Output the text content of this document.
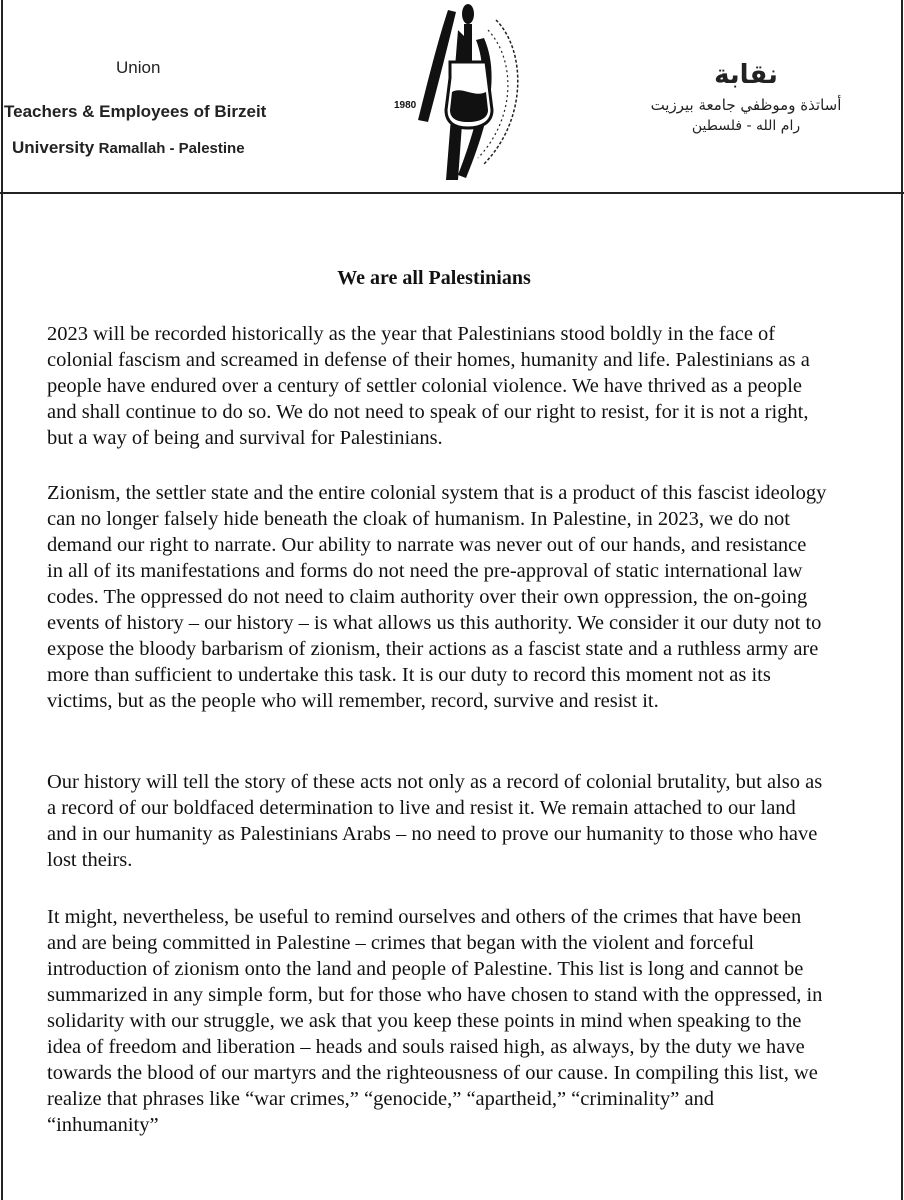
Union
Teachers & Employees of Birzeit
University Ramallah - Palestine
1980
نقابة
أساتذة وموظفي جامعة بيرزيت
رام الله - فلسطين
We are all Palestinians

2023 will be recorded historically as the year that Palestinians stood boldly in the face of colonial fascism and screamed in defense of their homes, humanity and life. Palestinians as a people have endured over a century of settler colonial violence. We have thrived as a people and shall continue to do so. We do not need to speak of our right to resist, for it is not a right, but a way of being and survival for Palestinians.

Zionism, the settler state and the entire colonial system that is a product of this fascist ideology can no longer falsely hide beneath the cloak of humanism. In Palestine, in 2023, we do not demand our right to narrate. Our ability to narrate was never out of our hands, and resistance in all of its manifestations and forms do not need the pre-approval of static international law codes. The oppressed do not need to claim authority over their own oppression, the on-going events of history – our history – is what allows us this authority. We consider it our duty not to expose the bloody barbarism of zionism, their actions as a fascist state and a ruthless army are more than sufficient to undertake this task. It is our duty to record this moment not as its victims, but as the people who will remember, record, survive and resist it.

Our history will tell the story of these acts not only as a record of colonial brutality, but also as a record of our boldfaced determination to live and resist it. We remain attached to our land and in our humanity as Palestinians Arabs – no need to prove our humanity to those who have lost theirs.

It might, nevertheless, be useful to remind ourselves and others of the crimes that have been and are being committed in Palestine – crimes that began with the violent and forceful introduction of zionism onto the land and people of Palestine. This list is long and cannot be summarized in any simple form, but for those who have chosen to stand with the oppressed, in solidarity with our struggle, we ask that you keep these points in mind when speaking to the idea of freedom and liberation – heads and souls raised high, as always, by the duty we have towards the blood of our martyrs and the righteousness of our cause. In compiling this list, we realize that phrases like “war crimes,” “genocide,” “apartheid,” “criminality” and “inhumanity”
